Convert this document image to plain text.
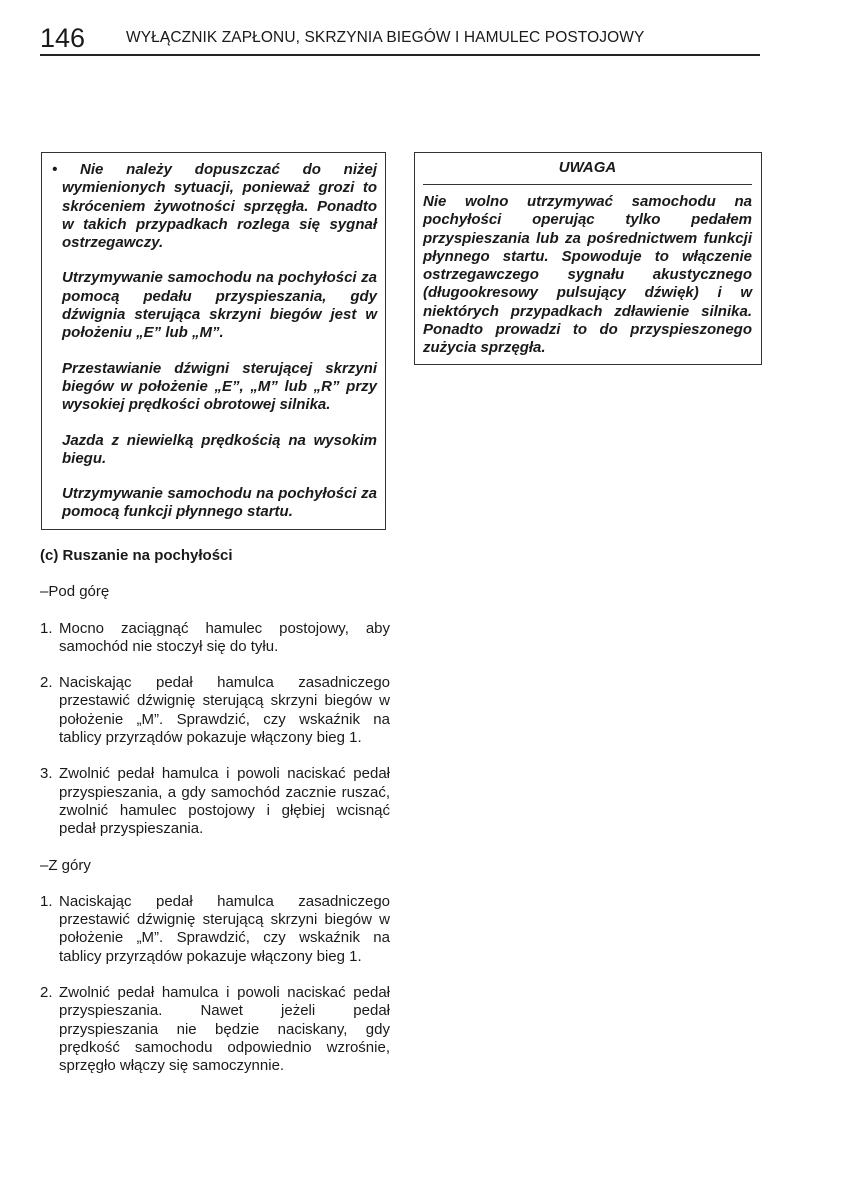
146	WYŁĄCZNIK ZAPŁONU, SKRZYNIA BIEGÓW I HAMULEC POSTOJOWY

• Nie należy dopuszczać do niżej wymienionych sytuacji, ponieważ grozi to skróceniem żywotności sprzęgła. Ponadto w takich przypadkach rozlega się sygnał ostrzegawczy.

Utrzymywanie samochodu na pochyłości za pomocą pedału przyspieszania, gdy dźwignia sterująca skrzyni biegów jest w położeniu „E” lub „M”.

Przestawianie dźwigni sterującej skrzyni biegów w położenie „E”, „M” lub „R” przy wysokiej prędkości obrotowej silnika.

Jazda z niewielką prędkością na wysokim biegu.

Utrzymywanie samochodu na pochyłości za pomocą funkcji płynnego startu.

UWAGA

Nie wolno utrzymywać samochodu na pochyłości operując tylko pedałem przyspieszania lub za pośrednictwem funkcji płynnego startu. Spowoduje to włączenie ostrzegawczego sygnału akustycznego (długookresowy pulsujący dźwięk) i w niektórych przypadkach zdławienie silnika. Ponadto prowadzi to do przyspieszonego zużycia sprzęgła.

(c) Ruszanie na pochyłości
–Pod górę
1. Mocno zaciągnąć hamulec postojowy, aby samochód nie stoczył się do tyłu.
2. Naciskając pedał hamulca zasadniczego przestawić dźwignię sterującą skrzyni biegów w położenie „M”. Sprawdzić, czy wskaźnik na tablicy przyrządów pokazuje włączony bieg 1.
3. Zwolnić pedał hamulca i powoli naciskać pedał przyspieszania, a gdy samochód zacznie ruszać, zwolnić hamulec postojowy i głębiej wcisnąć pedał przyspieszania.
–Z góry
1. Naciskając pedał hamulca zasadniczego przestawić dźwignię sterującą skrzyni biegów w położenie „M”. Sprawdzić, czy wskaźnik na tablicy przyrządów pokazuje włączony bieg 1.
2. Zwolnić pedał hamulca i powoli naciskać pedał przyspieszania. Nawet jeżeli pedał przyspieszania nie będzie naciskany, gdy prędkość samochodu odpowiednio wzrośnie, sprzęgło włączy się samoczynnie.
